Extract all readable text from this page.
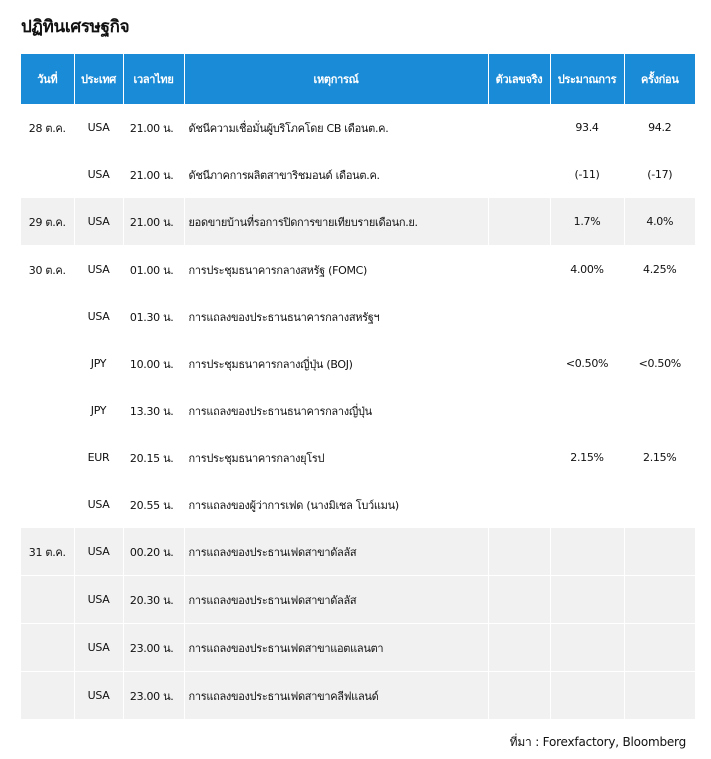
ปฏิทินเศรษฐกิจ
วันที่	ประเทศ	เวลาไทย	เหตุการณ์	ตัวเลขจริง	ประมาณการ	ครั้งก่อน
28 ต.ค.	USA	21.00 น.	ดัชนีความเชื่อมั่นผู้บริโภคโดย CB เดือนต.ค.		93.4	94.2
	USA	21.00 น.	ดัชนีภาคการผลิตสาขาริชมอนด์ เดือนต.ค.		(-11)	(-17)
29 ต.ค.	USA	21.00 น.	ยอดขายบ้านที่รอการปิดการขายเทียบรายเดือนก.ย.		1.7%	4.0%
30 ต.ค.	USA	01.00 น.	การประชุมธนาคารกลางสหรัฐ (FOMC)		4.00%	4.25%
	USA	01.30 น.	การแถลงของประธานธนาคารกลางสหรัฐฯ			
	JPY	10.00 น.	การประชุมธนาคารกลางญี่ปุ่น (BOJ)		<0.50%	<0.50%
	JPY	13.30 น.	การแถลงของประธานธนาคารกลางญี่ปุ่น			
	EUR	20.15 น.	การประชุมธนาคารกลางยุโรป		2.15%	2.15%
	USA	20.55 น.	การแถลงของผู้ว่าการเฟด (นางมิเชล โบว์แมน)			
31 ต.ค.	USA	00.20 น.	การแถลงของประธานเฟดสาขาดัลลัส			
	USA	20.30 น.	การแถลงของประธานเฟดสาขาดัลลัส			
	USA	23.00 น.	การแถลงของประธานเฟดสาขาแอตแลนตา			
	USA	23.00 น.	การแถลงของประธานเฟดสาขาคลีฟแลนด์			
ที่มา : Forexfactory, Bloomberg
